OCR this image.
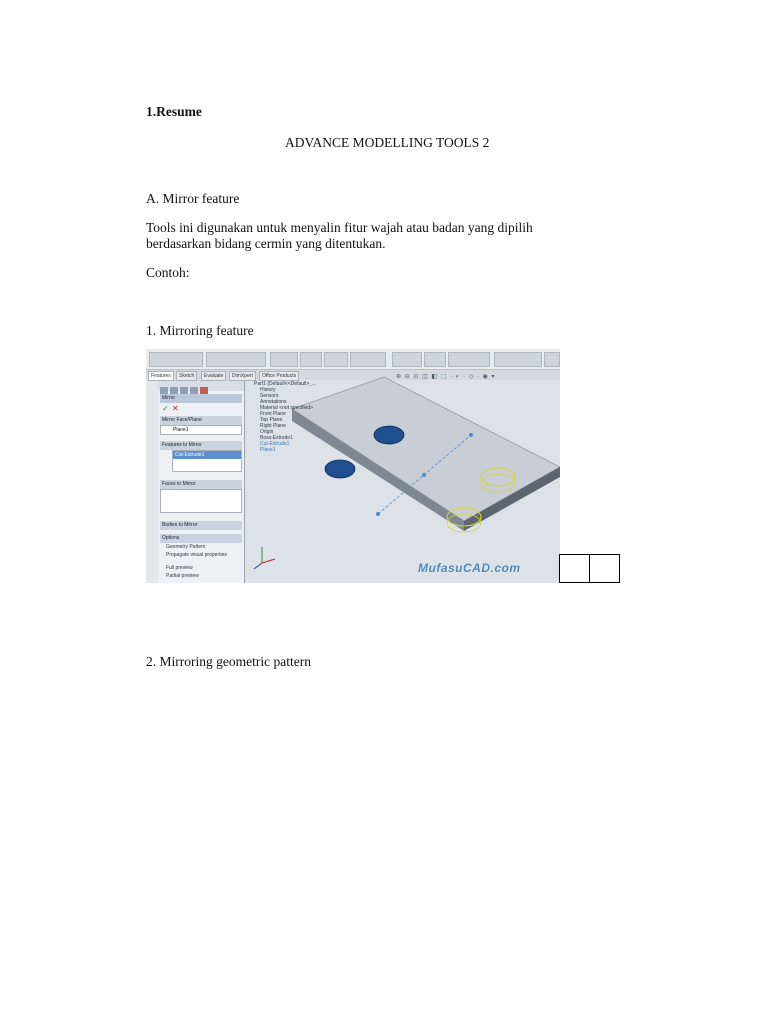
1.Resume
ADVANCE MODELLING TOOLS 2
A. Mirror feature
Tools ini digunakan untuk menyalin fitur wajah atau badan yang dipilih
berdasarkan bidang cermin yang ditentukan.
Contoh:
1. Mirroring feature
Features	Sketch	Evaluate	DimXpert	Office Products
Mirror
✓ ✕
Mirror Face/Plane
Plane1
Features to Mirror
Cut-Extrude1
Faces to Mirror
Bodies to Mirror
Options
Geometry Pattern
Propagate visual properties
Full preview
Partial preview
⊕ ⊖ ⊙ ◫ ◧ ⬚ · ◐ · ◇ · ◉ ▾
Part1 (Default<<Default>_...
History
Sensors
Annotations
Material <not specified>
Front Plane
Top Plane
Right Plane
Origin
Boss-Extrude1
Cut-Extrude1
Plane1
MufasuCAD.com

2. Mirroring geometric pattern
